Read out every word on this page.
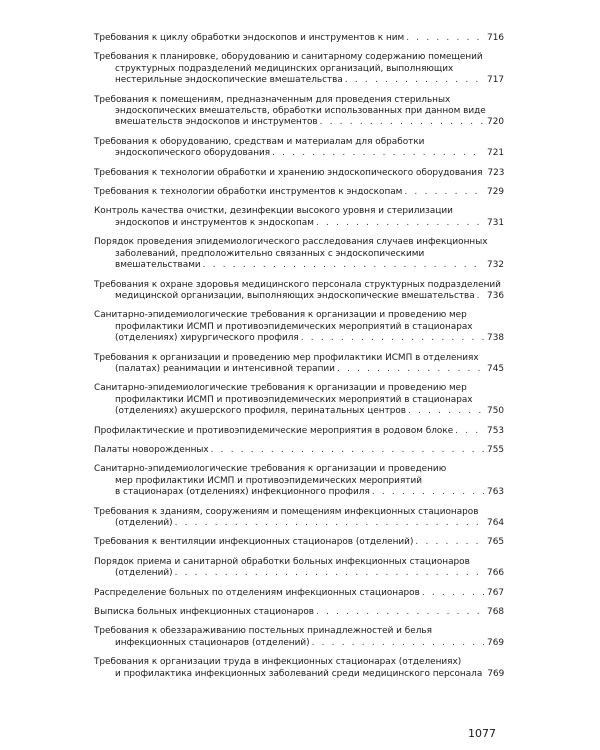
Требования к циклу обработки эндоскопов и инструментов к ним . . .	716
Требования к планировке, оборудованию и санитарному содержанию помещений
структурных подразделений медицинских организаций, выполняющих
нестерильные эндоскопические вмешательства . . .	717
Требования к помещениям, предназначенным для проведения стерильных
эндоскопических вмешательств, обработки использованных при данном виде
вмешательств эндоскопов и инструментов . . .	720
Требования к оборудованию, средствам и материалам для обработки
эндоскопического оборудования . . .	721
Требования к технологии обработки и хранению эндоскопического оборудования 723
Требования к технологии обработки инструментов к эндоскопам . . .	729
Контроль качества очистки, дезинфекции высокого уровня и стерилизации
эндоскопов и инструментов к эндоскопам . . .	731
Порядок проведения эпидемиологического расследования случаев инфекционных
заболеваний, предположительно связанных с эндоскопическими
вмешательствами . . .	732
Требования к охране здоровья медицинского персонала структурных подразделений
медицинской организации, выполняющих эндоскопические вмешательства . . . 736
Санитарно-эпидемиологические требования к организации и проведению мер
профилактики ИСМП и противоэпидемических мероприятий в стационарах
(отделениях) хирургического профиля . . .	738
Требования к организации и проведению мер профилактики ИСМП в отделениях
(палатах) реанимации и интенсивной терапии . . .	745
Санитарно-эпидемиологические требования к организации и проведению мер
профилактики ИСМП и противоэпидемических мероприятий в стационарах
(отделениях) акушерского профиля, перинатальных центров . . .	750
Профилактические и противоэпидемические мероприятия в родовом блоке . . .	753
Палаты новорожденных . . .	755
Санитарно-эпидемиологические требования к организации и проведению
мер профилактики ИСМП и противоэпидемических мероприятий
в стационарах (отделениях) инфекционного профиля . . .	763
Требования к зданиям, сооружениям и помещениям инфекционных стационаров
(отделений) . . .	764
Требования к вентиляции инфекционных стационаров (отделений) . . .	765
Порядок приема и санитарной обработки больных инфекционных стационаров
(отделений) . . .	766
Распределение больных по отделениям инфекционных стационаров . . .	767
Выписка больных инфекционных стационаров . . .	768
Требования к обеззараживанию постельных принадлежностей и белья
инфекционных стационаров (отделений) . . .	769
Требования к организации труда в инфекционных стационарах (отделениях)
и профилактика инфекционных заболеваний среди медицинского персонала 769
1077
